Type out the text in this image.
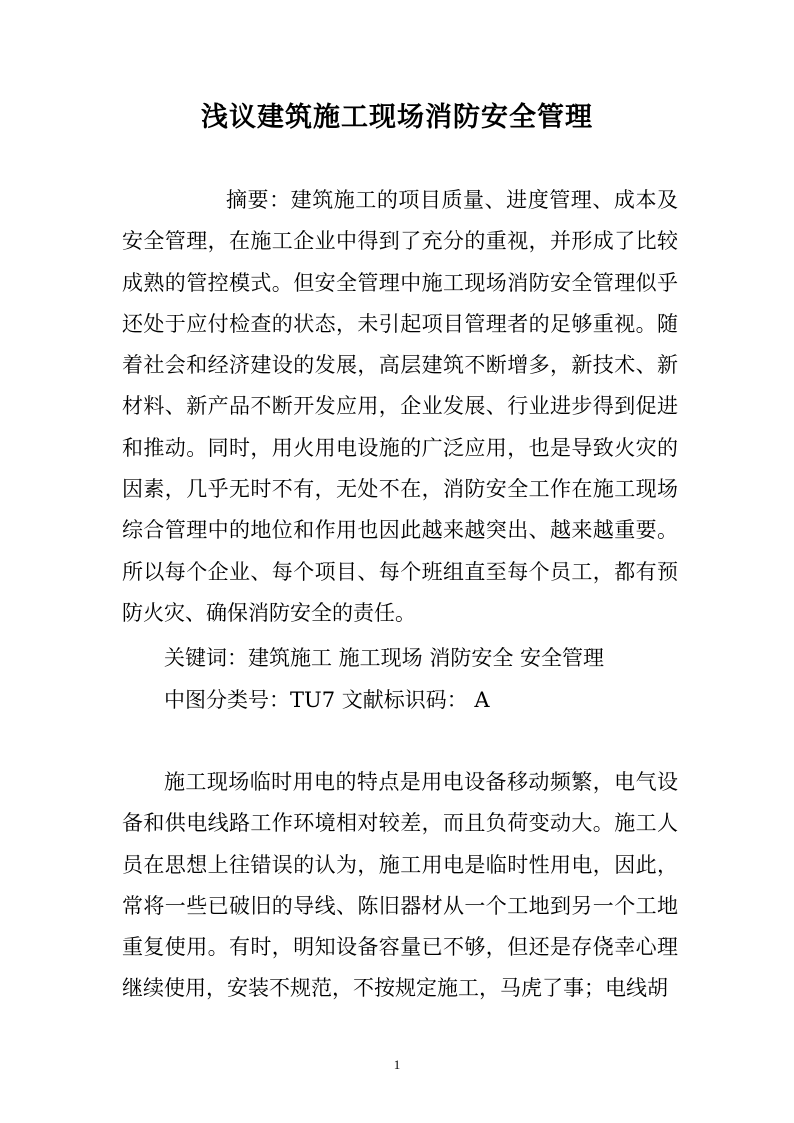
浅议建筑施工现场消防安全管理

摘要：建筑施工的项目质量、进度管理、成本及安全管理，在施工企业中得到了充分的重视，并形成了比较成熟的管控模式。但安全管理中施工现场消防安全管理似乎还处于应付检查的状态，未引起项目管理者的足够重视。随着社会和经济建设的发展，高层建筑不断增多，新技术、新材料、新产品不断开发应用，企业发展、行业进步得到促进和推动。同时，用火用电设施的广泛应用，也是导致火灾的因素，几乎无时不有，无处不在，消防安全工作在施工现场综合管理中的地位和作用也因此越来越突出、越来越重要。所以每个企业、每个项目、每个班组直至每个员工，都有预防火灾、确保消防安全的责任。

关键词：建筑施工 施工现场 消防安全 安全管理

中图分类号：TU7 文献标识码： A

施工现场临时用电的特点是用电设备移动频繁，电气设备和供电线路工作环境相对较差，而且负荷变动大。施工人员在思想上往错误的认为，施工用电是临时性用电，因此，常将一些已破旧的导线、陈旧器材从一个工地到另一个工地重复使用。有时，明知设备容量已不够，但还是存侥幸心理继续使用，安装不规范，不按规定施工，马虎了事；电线胡

1
